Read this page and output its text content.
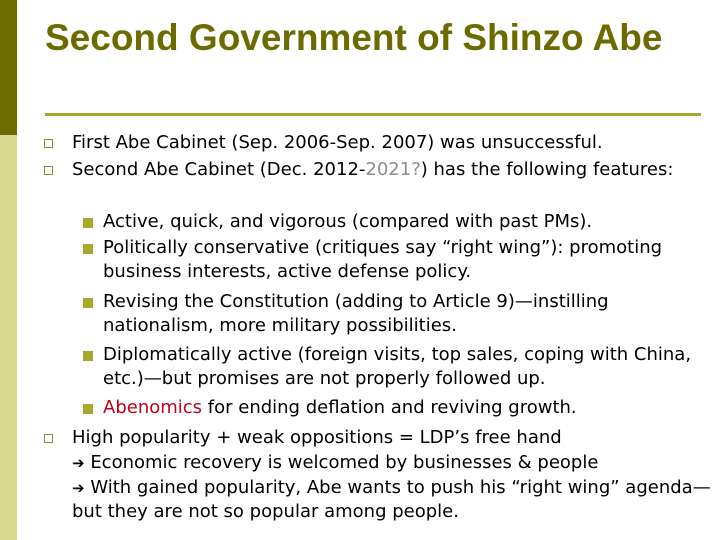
Second Government of Shinzo Abe

First Abe Cabinet (Sep. 2006-Sep. 2007) was unsuccessful.

Second Abe Cabinet (Dec. 2012-2021?) has the following features:

Active, quick, and vigorous (compared with past PMs).

Politically conservative (critiques say “right wing”): promoting business interests, active defense policy.

Revising the Constitution (adding to Article 9)—instilling nationalism, more military possibilities.

Diplomatically active (foreign visits, top sales, coping with China, etc.)—but promises are not properly followed up.

Abenomics for ending deflation and reviving growth.

High popularity + weak oppositions = LDP’s free hand

➔ Economic recovery is welcomed by businesses & people

➔ With gained popularity, Abe wants to push his “right wing” agenda—but they are not so popular among people.
